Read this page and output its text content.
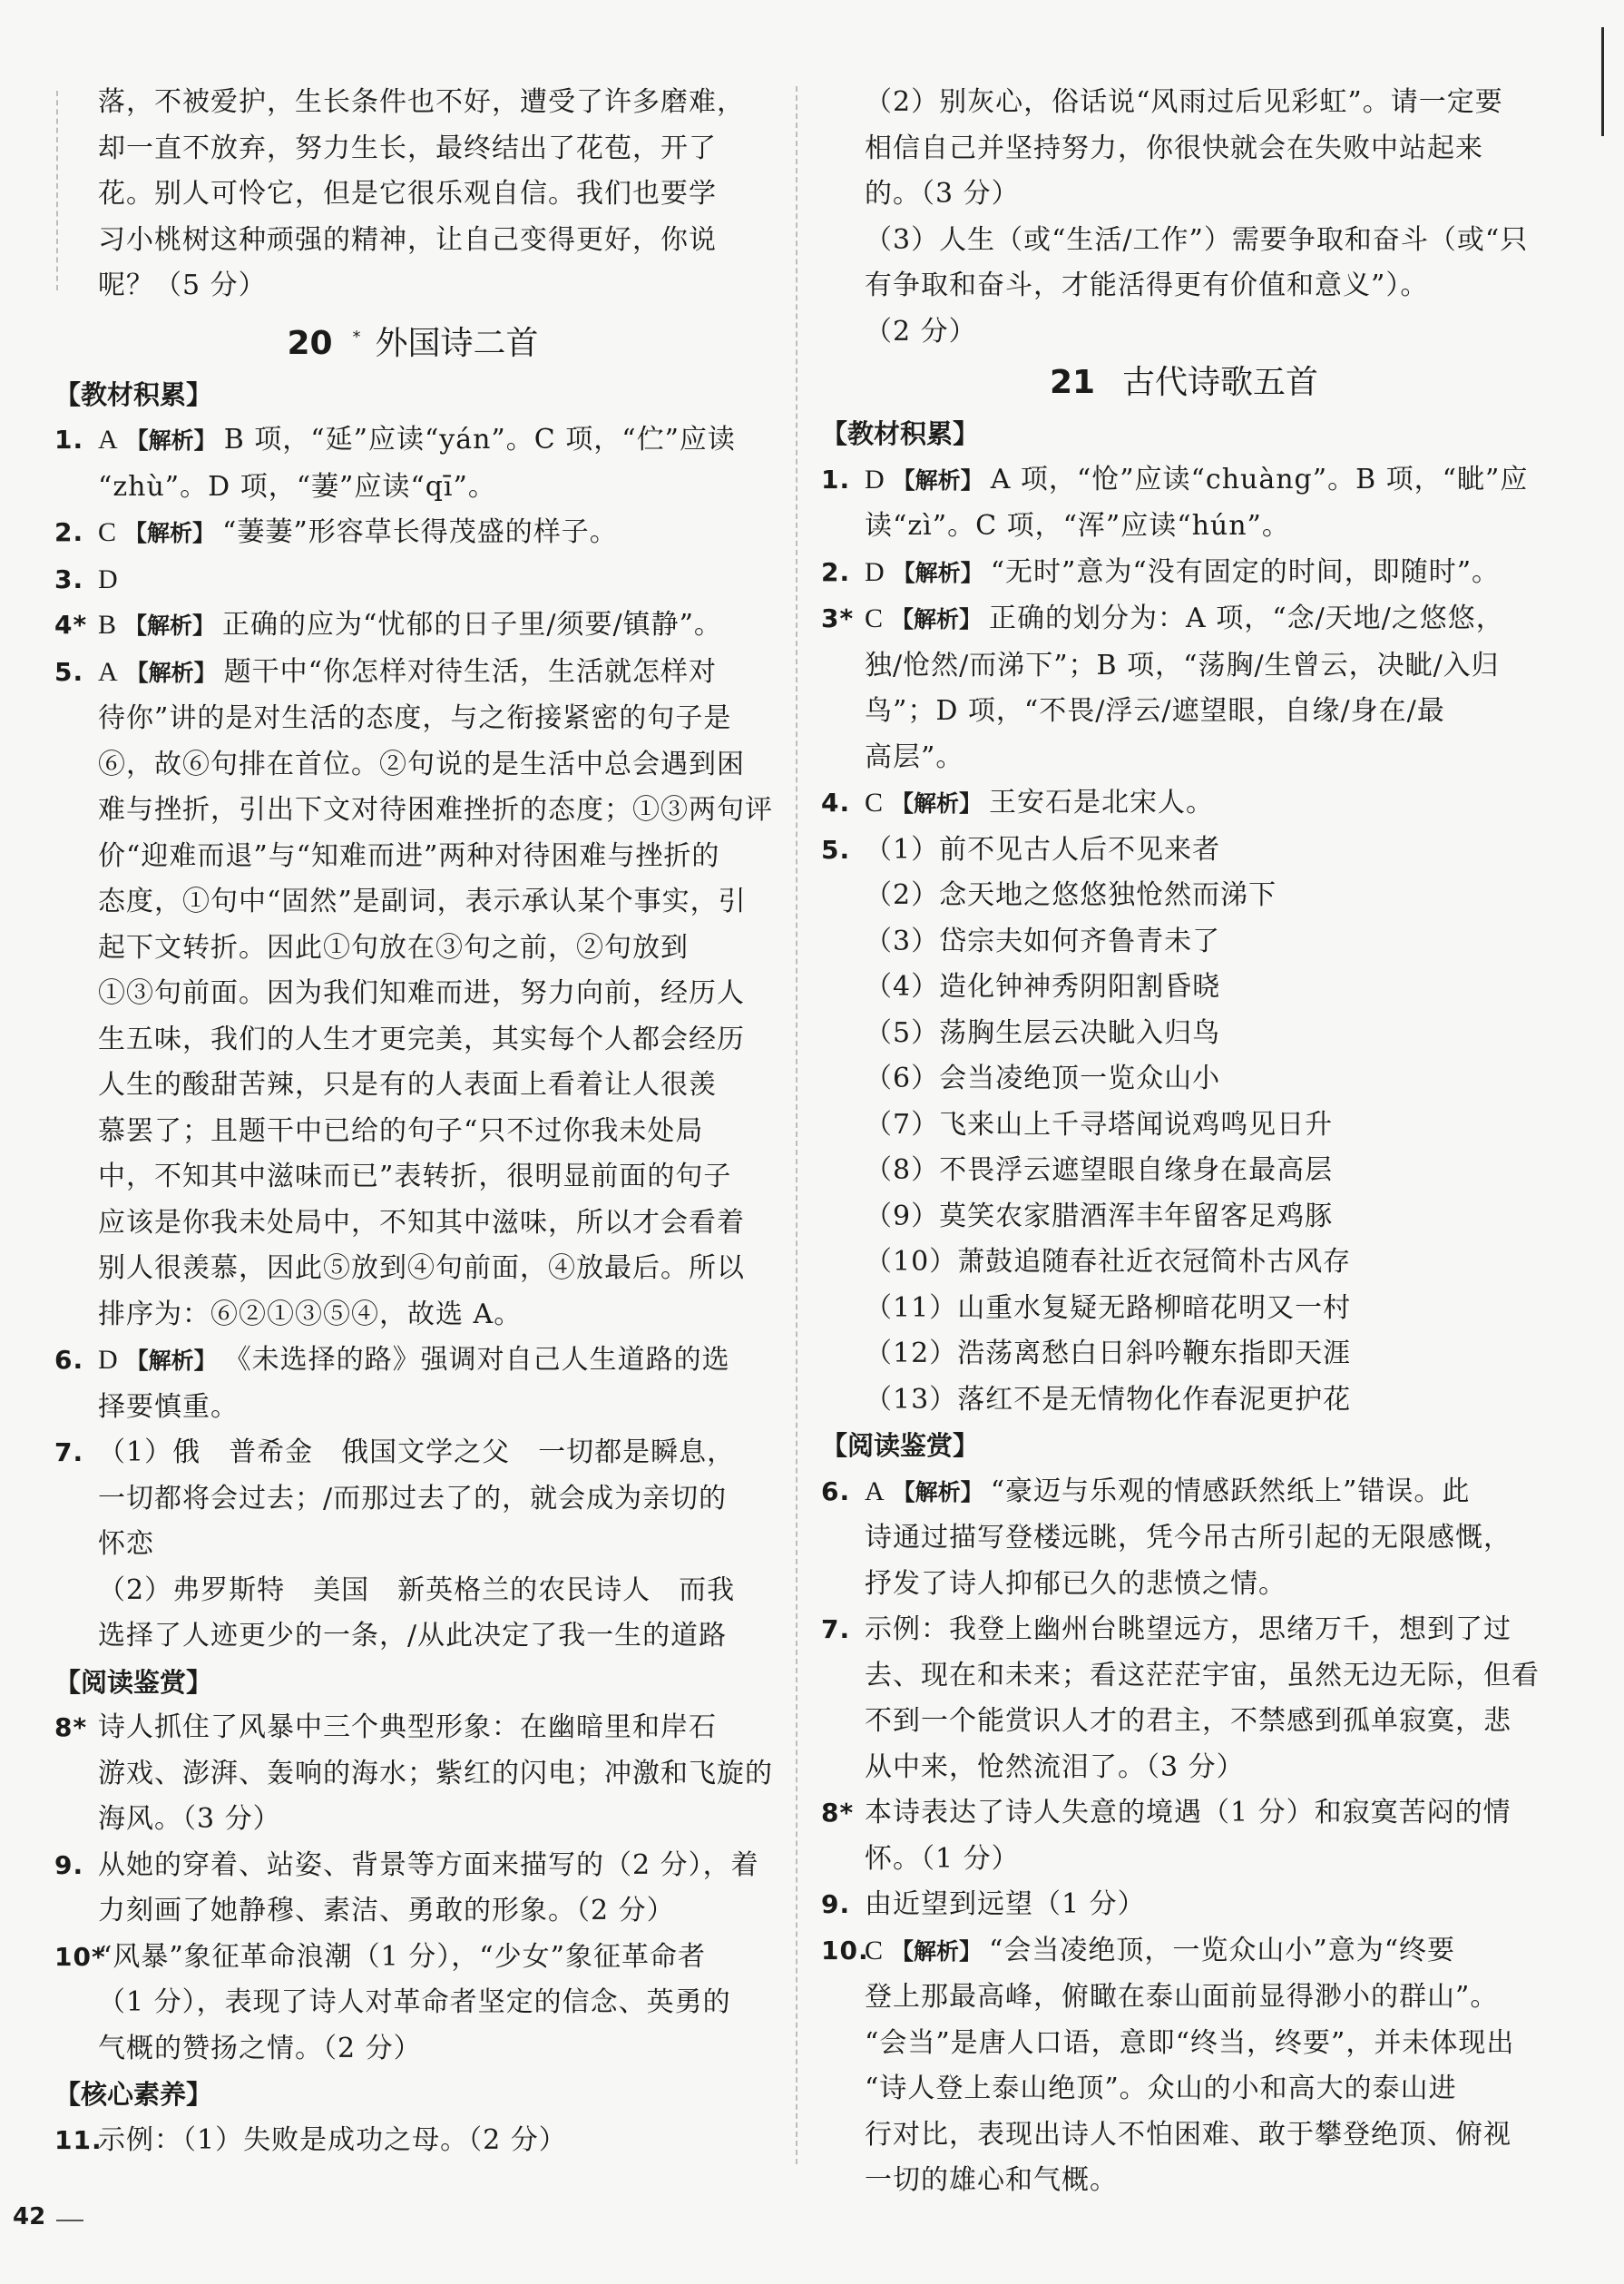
落，不被爱护，生长条件也不好，遭受了许多磨难，
却一直不放弃，努力生长，最终结出了花苞，开了
花。别人可怜它，但是它很乐观自信。我们也要学
习小桃树这种顽强的精神，让自己变得更好，你说
呢？（5 分）
20 * 外国诗二首
【教材积累】
1. A 【解析】 B 项，“延”应读“yán”。C 项，“伫”应读
“zhù”。D 项，“萋”应读“qī”。
2. C 【解析】 “萋萋”形容草长得茂盛的样子。
3. D
4* B 【解析】 正确的应为“忧郁的日子里/须要/镇静”。
5. A 【解析】 题干中“你怎样对待生活，生活就怎样对
待你”讲的是对生活的态度，与之衔接紧密的句子是
⑥，故⑥句排在首位。②句说的是生活中总会遇到困
难与挫折，引出下文对待困难挫折的态度；①③两句评
价“迎难而退”与“知难而进”两种对待困难与挫折的
态度，①句中“固然”是副词，表示承认某个事实，引
起下文转折。因此①句放在③句之前，②句放到
①③句前面。因为我们知难而进，努力向前，经历人
生五味，我们的人生才更完美，其实每个人都会经历
人生的酸甜苦辣，只是有的人表面上看着让人很羡
慕罢了；且题干中已给的句子“只不过你我未处局
中，不知其中滋味而已”表转折，很明显前面的句子
应该是你我未处局中，不知其中滋味，所以才会看着
别人很羡慕，因此⑤放到④句前面，④放最后。所以
排序为：⑥②①③⑤④，故选 A。
6. D 【解析】 《未选择的路》强调对自己人生道路的选
择要慎重。
7. （1）俄　普希金　俄国文学之父　一切都是瞬息，
一切都将会过去；/而那过去了的，就会成为亲切的
怀恋
（2）弗罗斯特　美国　新英格兰的农民诗人　而我
选择了人迹更少的一条，/从此决定了我一生的道路
【阅读鉴赏】
8* 诗人抓住了风暴中三个典型形象：在幽暗里和岸石
游戏、澎湃、轰响的海水；紫红的闪电；冲激和飞旋的
海风。（3 分）
9. 从她的穿着、站姿、背景等方面来描写的（2 分），着
力刻画了她静穆、素洁、勇敢的形象。（2 分）
10*“风暴”象征革命浪潮（1 分），“少女”象征革命者
（1 分），表现了诗人对革命者坚定的信念、英勇的
气概的赞扬之情。（2 分）
【核心素养】
11.示例：（1）失败是成功之母。（2 分）
（2）别灰心，俗话说“风雨过后见彩虹”。请一定要
相信自己并坚持努力，你很快就会在失败中站起来
的。（3 分）
（3）人生（或“生活/工作”）需要争取和奋斗（或“只
有争取和奋斗，才能活得更有价值和意义”）。
（2 分）
21 古代诗歌五首
【教材积累】
1. D 【解析】 A 项，“怆”应读“chuàng”。B 项，“眦”应
读“zì”。C 项，“浑”应读“hún”。
2. D 【解析】 “无时”意为“没有固定的时间，即随时”。
3* C 【解析】 正确的划分为：A 项，“念/天地/之悠悠，
独/怆然/而涕下”；B 项，“荡胸/生曾云，决眦/入归
鸟”；D 项，“不畏/浮云/遮望眼，自缘/身在/最
高层”。
4. C 【解析】 王安石是北宋人。
5. （1）前不见古人后不见来者
（2）念天地之悠悠独怆然而涕下
（3）岱宗夫如何齐鲁青未了
（4）造化钟神秀阴阳割昏晓
（5）荡胸生层云决眦入归鸟
（6）会当凌绝顶一览众山小
（7）飞来山上千寻塔闻说鸡鸣见日升
（8）不畏浮云遮望眼自缘身在最高层
（9）莫笑农家腊酒浑丰年留客足鸡豚
（10）萧鼓追随春社近衣冠简朴古风存
（11）山重水复疑无路柳暗花明又一村
（12）浩荡离愁白日斜吟鞭东指即天涯
（13）落红不是无情物化作春泥更护花
【阅读鉴赏】
6. A 【解析】 “豪迈与乐观的情感跃然纸上”错误。此
诗通过描写登楼远眺，凭今吊古所引起的无限感慨，
抒发了诗人抑郁已久的悲愤之情。
7. 示例：我登上幽州台眺望远方，思绪万千，想到了过
去、现在和未来；看这茫茫宇宙，虽然无边无际，但看
不到一个能赏识人才的君主，不禁感到孤单寂寞，悲
从中来，怆然流泪了。（3 分）
8* 本诗表达了诗人失意的境遇（1 分）和寂寞苦闷的情
怀。（1 分）
9. 由近望到远望（1 分）
10.C 【解析】 “会当凌绝顶，一览众山小”意为“终要
登上那最高峰，俯瞰在泰山面前显得渺小的群山”。
“会当”是唐人口语，意即“终当，终要”，并未体现出
“诗人登上泰山绝顶”。众山的小和高大的泰山进
行对比，表现出诗人不怕困难、敢于攀登绝顶、俯视
一切的雄心和气概。
42
